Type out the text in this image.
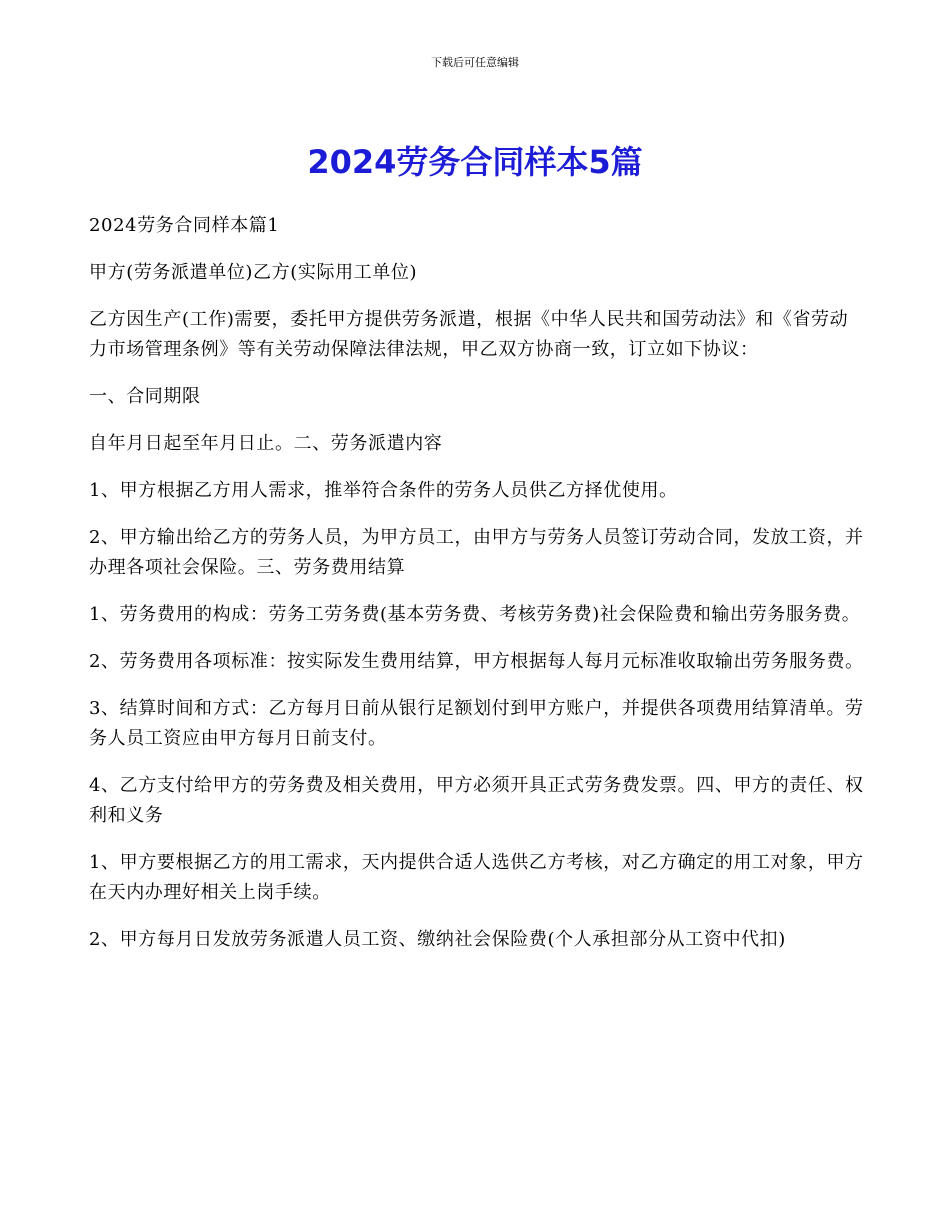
下载后可任意编辑
2024劳务合同样本5篇

2024劳务合同样本篇1

甲方(劳务派遣单位)乙方(实际用工单位)

乙方因生产(工作)需要，委托甲方提供劳务派遣，根据《中华人民共和国劳动法》和《省劳动力市场管理条例》等有关劳动保障法律法规，甲乙双方协商一致，订立如下协议：

一、合同期限

自年月日起至年月日止。二、劳务派遣内容

1、甲方根据乙方用人需求，推举符合条件的劳务人员供乙方择优使用。

2、甲方输出给乙方的劳务人员，为甲方员工，由甲方与劳务人员签订劳动合同，发放工资，并办理各项社会保险。三、劳务费用结算

1、劳务费用的构成：劳务工劳务费(基本劳务费、考核劳务费)社会保险费和输出劳务服务费。

2、劳务费用各项标准：按实际发生费用结算，甲方根据每人每月元标准收取输出劳务服务费。

3、结算时间和方式：乙方每月日前从银行足额划付到甲方账户，并提供各项费用结算清单。劳务人员工资应由甲方每月日前支付。

4、乙方支付给甲方的劳务费及相关费用，甲方必须开具正式劳务费发票。四、甲方的责任、权利和义务

1、甲方要根据乙方的用工需求，天内提供合适人选供乙方考核，对乙方确定的用工对象，甲方在天内办理好相关上岗手续。

2、甲方每月日发放劳务派遣人员工资、缴纳社会保险费(个人承担部分从工资中代扣)
